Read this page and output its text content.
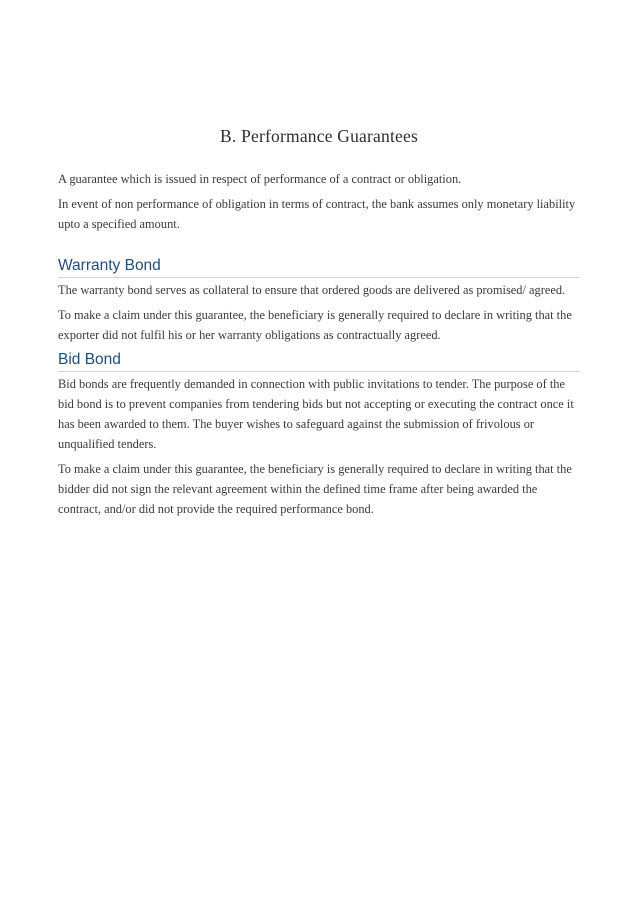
B. Performance Guarantees

A guarantee which is issued in respect of performance of a contract or obligation.

In event of non performance of obligation in terms of contract, the bank assumes only monetary liability upto a specified amount.

Warranty Bond

The warranty bond serves as collateral to ensure that ordered goods are delivered as promised/ agreed.

To make a claim under this guarantee, the beneficiary is generally required to declare in writing that the exporter did not fulfil his or her warranty obligations as contractually agreed.

Bid Bond

Bid bonds are frequently demanded in connection with public invitations to tender. The purpose of the bid bond is to prevent companies from tendering bids but not accepting or executing the contract once it has been awarded to them. The buyer wishes to safeguard against the submission of frivolous or unqualified tenders.

To make a claim under this guarantee, the beneficiary is generally required to declare in writing that the bidder did not sign the relevant agreement within the defined time frame after being awarded the contract, and/or did not provide the required performance bond.
